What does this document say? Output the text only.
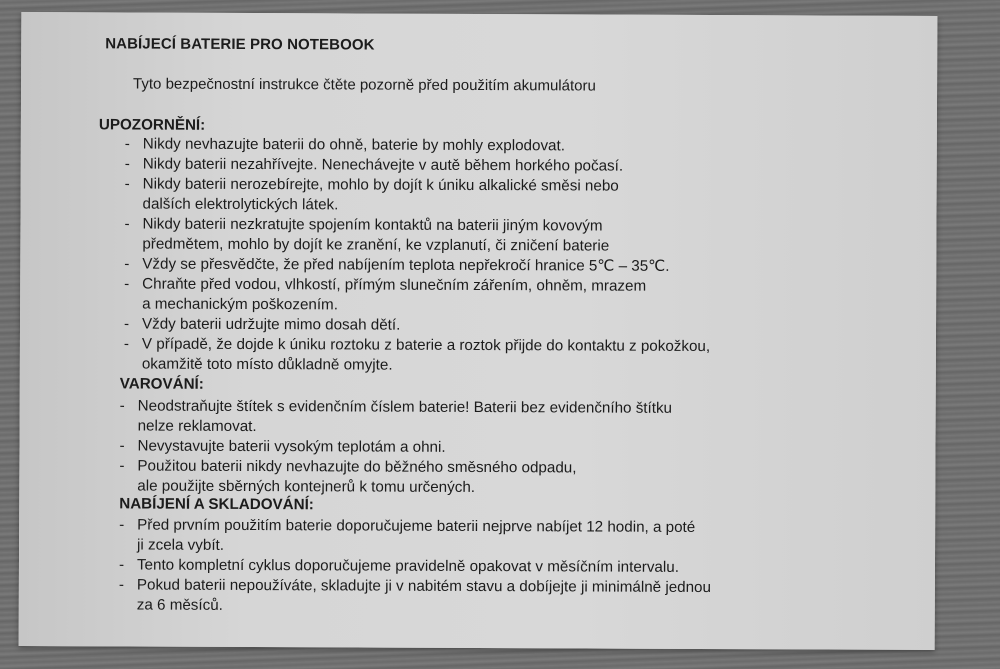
NABÍJECÍ BATERIE PRO NOTEBOOK
Tyto bezpečnostní instrukce čtěte pozorně před použitím akumulátoru
UPOZORNĚNÍ:
- Nikdy nevhazujte baterii do ohně, baterie by mohly explodovat.
- Nikdy baterii nezahřívejte. Nenechávejte v autě během horkého počasí.
- Nikdy baterii nerozebírejte, mohlo by dojít k úniku alkalické směsi nebo
dalších elektrolytických látek.
- Nikdy baterii nezkratujte spojením kontaktů na baterii jiným kovovým
předmětem, mohlo by dojít ke zranění, ke vzplanutí, či zničení baterie
- Vždy se přesvědčte, že před nabíjením teplota nepřekročí hranice 5℃ – 35℃.
- Chraňte před vodou, vlhkostí, přímým slunečním zářením, ohněm, mrazem
a mechanickým poškozením.
- Vždy baterii udržujte mimo dosah dětí.
- V případě, že dojde k úniku roztoku z baterie a roztok přijde do kontaktu z pokožkou,
okamžitě toto místo důkladně omyjte.
VAROVÁNÍ:
- Neodstraňujte štítek s evidenčním číslem baterie! Baterii bez evidenčního štítku
nelze reklamovat.
- Nevystavujte baterii vysokým teplotám a ohni.
- Použitou baterii nikdy nevhazujte do běžného směsného odpadu,
ale použijte sběrných kontejnerů k tomu určených.
NABÍJENÍ A SKLADOVÁNÍ:
- Před prvním použitím baterie doporučujeme baterii nejprve nabíjet 12 hodin, a poté
ji zcela vybít.
- Tento kompletní cyklus doporučujeme pravidelně opakovat v měsíčním intervalu.
- Pokud baterii nepoužíváte, skladujte ji v nabitém stavu a dobíjejte ji minimálně jednou
za 6 měsíců.
